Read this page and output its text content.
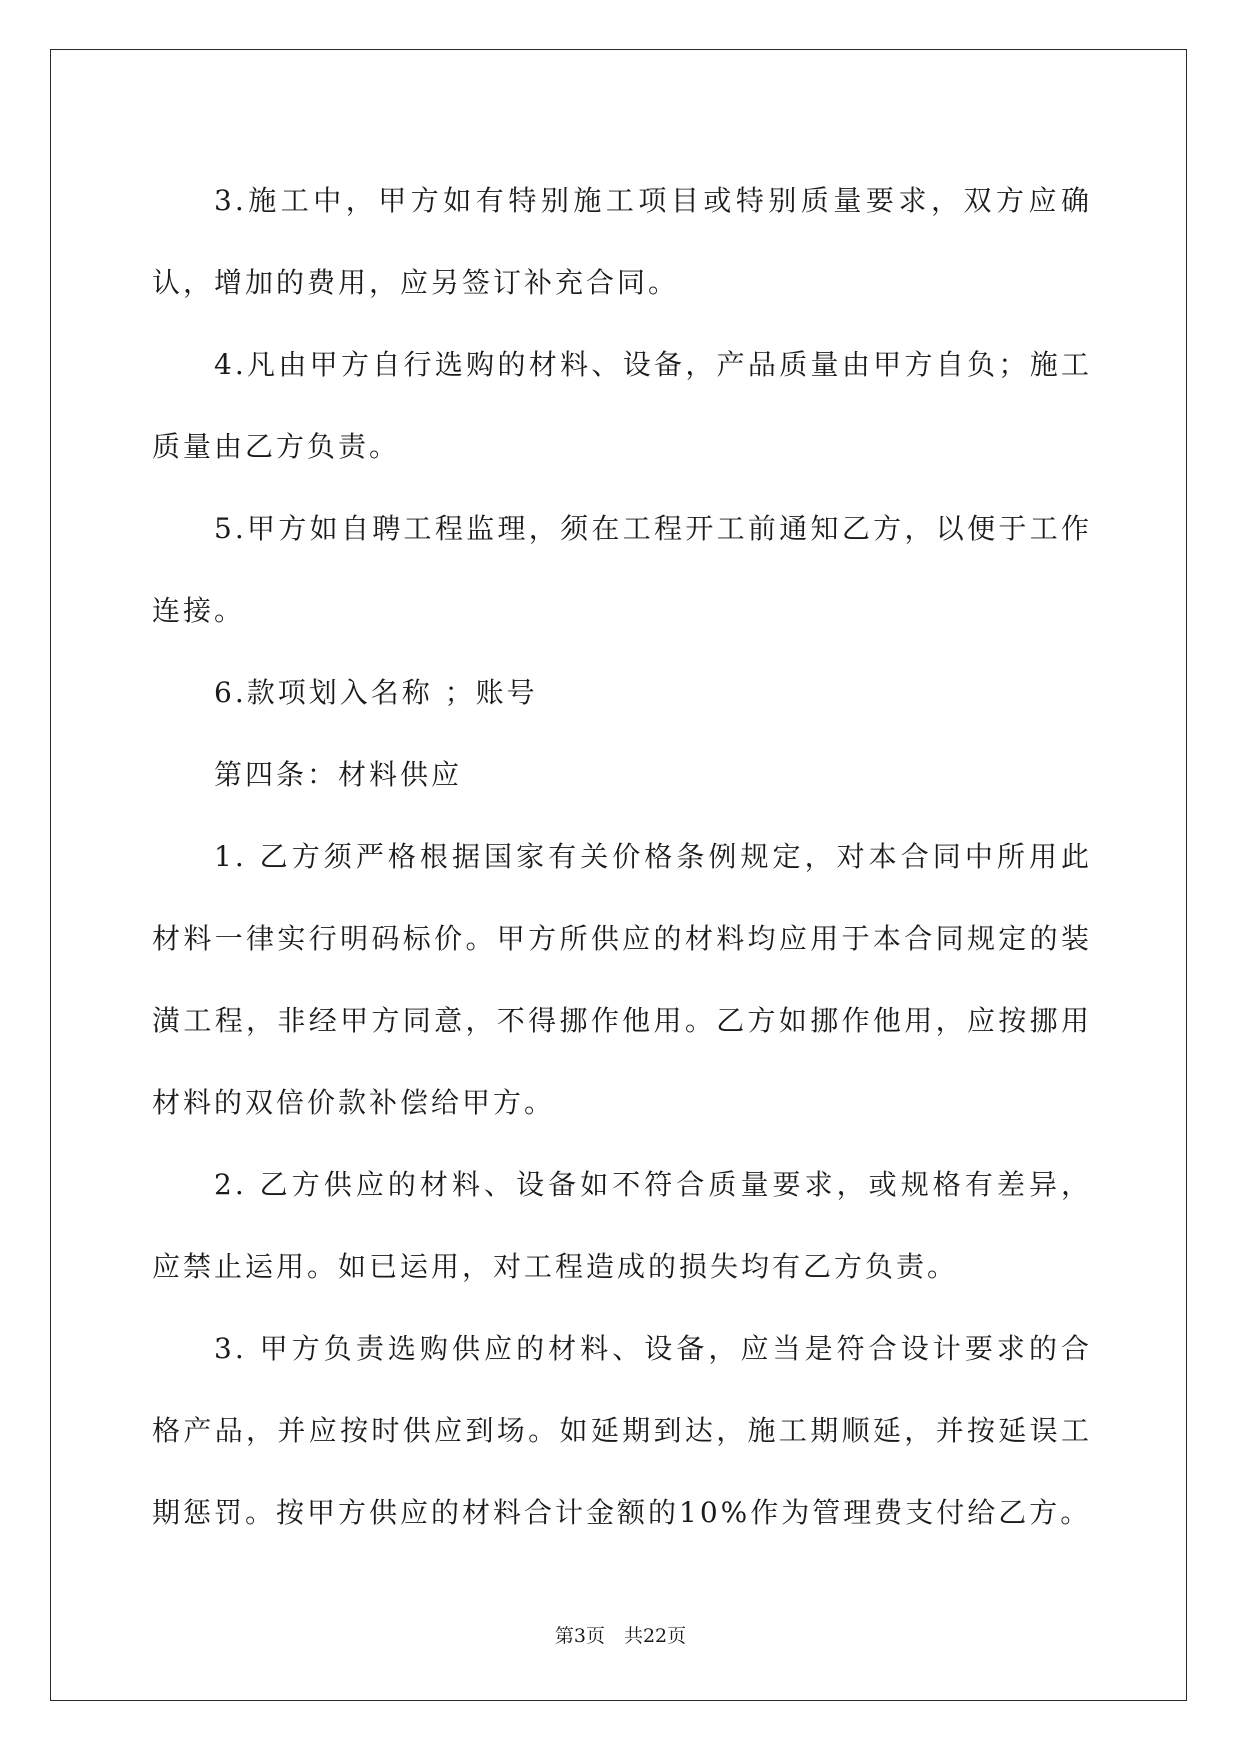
3.施工中，甲方如有特别施工项目或特别质量要求，双方应确认，增加的费用，应另签订补充合同。

4.凡由甲方自行选购的材料、设备，产品质量由甲方自负；施工质量由乙方负责。

5.甲方如自聘工程监理，须在工程开工前通知乙方，以便于工作连接。

6.款项划入名称 ；账号

第四条：材料供应

1. 乙方须严格根据国家有关价格条例规定，对本合同中所用此材料一律实行明码标价。甲方所供应的材料均应用于本合同规定的装潢工程，非经甲方同意，不得挪作他用。乙方如挪作他用，应按挪用材料的双倍价款补偿给甲方。

2. 乙方供应的材料、设备如不符合质量要求，或规格有差异，应禁止运用。如已运用，对工程造成的损失均有乙方负责。

3. 甲方负责选购供应的材料、设备，应当是符合设计要求的合格产品，并应按时供应到场。如延期到达，施工期顺延，并按延误工期惩罚。按甲方供应的材料合计金额的10%作为管理费支付给乙方。

第3页　共22页
